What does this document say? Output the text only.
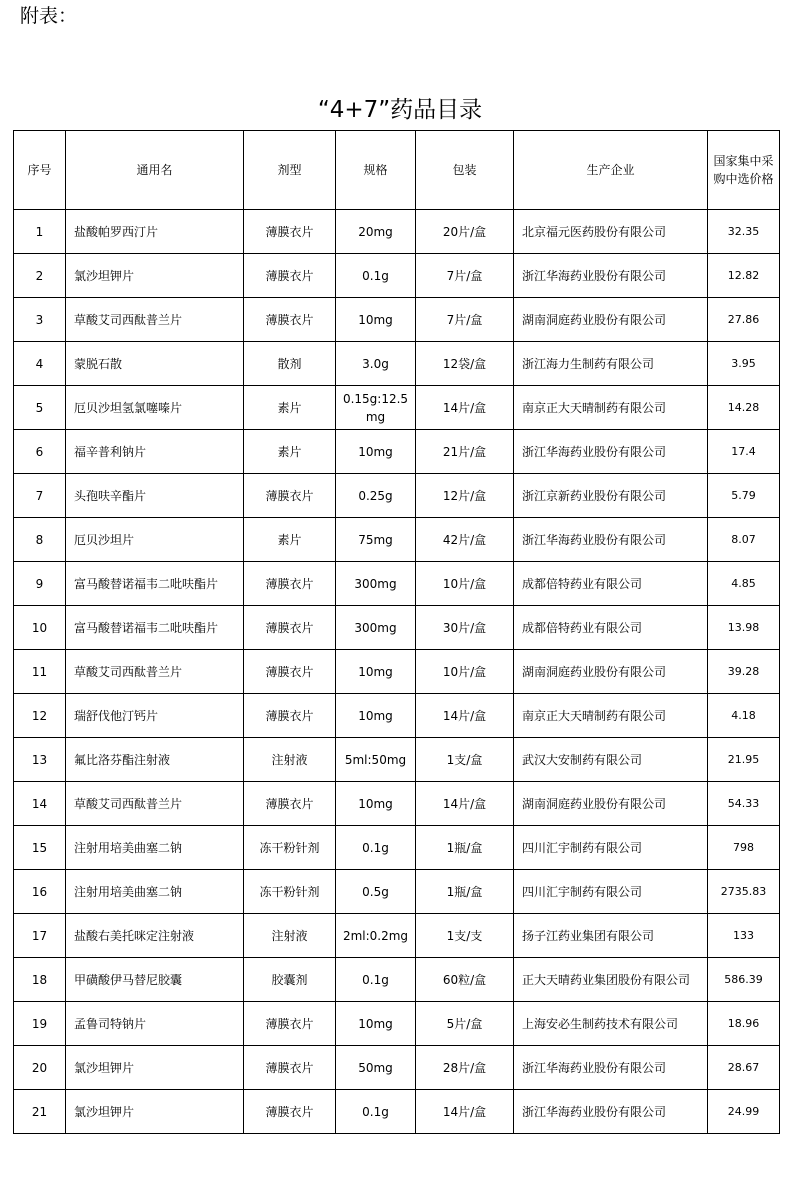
附表：
“4+7”药品目录
序号	通用名	剂型	规格	包装	生产企业	国家集中采购中选价格
1	盐酸帕罗西汀片	薄膜衣片	20mg	20片/盒	北京福元医药股份有限公司	32.35
2	氯沙坦钾片	薄膜衣片	0.1g	7片/盒	浙江华海药业股份有限公司	12.82
3	草酸艾司西酞普兰片	薄膜衣片	10mg	7片/盒	湖南洞庭药业股份有限公司	27.86
4	蒙脱石散	散剂	3.0g	12袋/盒	浙江海力生制药有限公司	3.95
5	厄贝沙坦氢氯噻嗪片	素片	0.15g:12.5mg	14片/盒	南京正大天晴制药有限公司	14.28
6	福辛普利钠片	素片	10mg	21片/盒	浙江华海药业股份有限公司	17.4
7	头孢呋辛酯片	薄膜衣片	0.25g	12片/盒	浙江京新药业股份有限公司	5.79
8	厄贝沙坦片	素片	75mg	42片/盒	浙江华海药业股份有限公司	8.07
9	富马酸替诺福韦二吡呋酯片	薄膜衣片	300mg	10片/盒	成都倍特药业有限公司	4.85
10	富马酸替诺福韦二吡呋酯片	薄膜衣片	300mg	30片/盒	成都倍特药业有限公司	13.98
11	草酸艾司西酞普兰片	薄膜衣片	10mg	10片/盒	湖南洞庭药业股份有限公司	39.28
12	瑞舒伐他汀钙片	薄膜衣片	10mg	14片/盒	南京正大天晴制药有限公司	4.18
13	氟比洛芬酯注射液	注射液	5ml:50mg	1支/盒	武汉大安制药有限公司	21.95
14	草酸艾司西酞普兰片	薄膜衣片	10mg	14片/盒	湖南洞庭药业股份有限公司	54.33
15	注射用培美曲塞二钠	冻干粉针剂	0.1g	1瓶/盒	四川汇宇制药有限公司	798
16	注射用培美曲塞二钠	冻干粉针剂	0.5g	1瓶/盒	四川汇宇制药有限公司	2735.83
17	盐酸右美托咪定注射液	注射液	2ml:0.2mg	1支/支	扬子江药业集团有限公司	133
18	甲磺酸伊马替尼胶囊	胶囊剂	0.1g	60粒/盒	正大天晴药业集团股份有限公司	586.39
19	孟鲁司特钠片	薄膜衣片	10mg	5片/盒	上海安必生制药技术有限公司	18.96
20	氯沙坦钾片	薄膜衣片	50mg	28片/盒	浙江华海药业股份有限公司	28.67
21	氯沙坦钾片	薄膜衣片	0.1g	14片/盒	浙江华海药业股份有限公司	24.99
